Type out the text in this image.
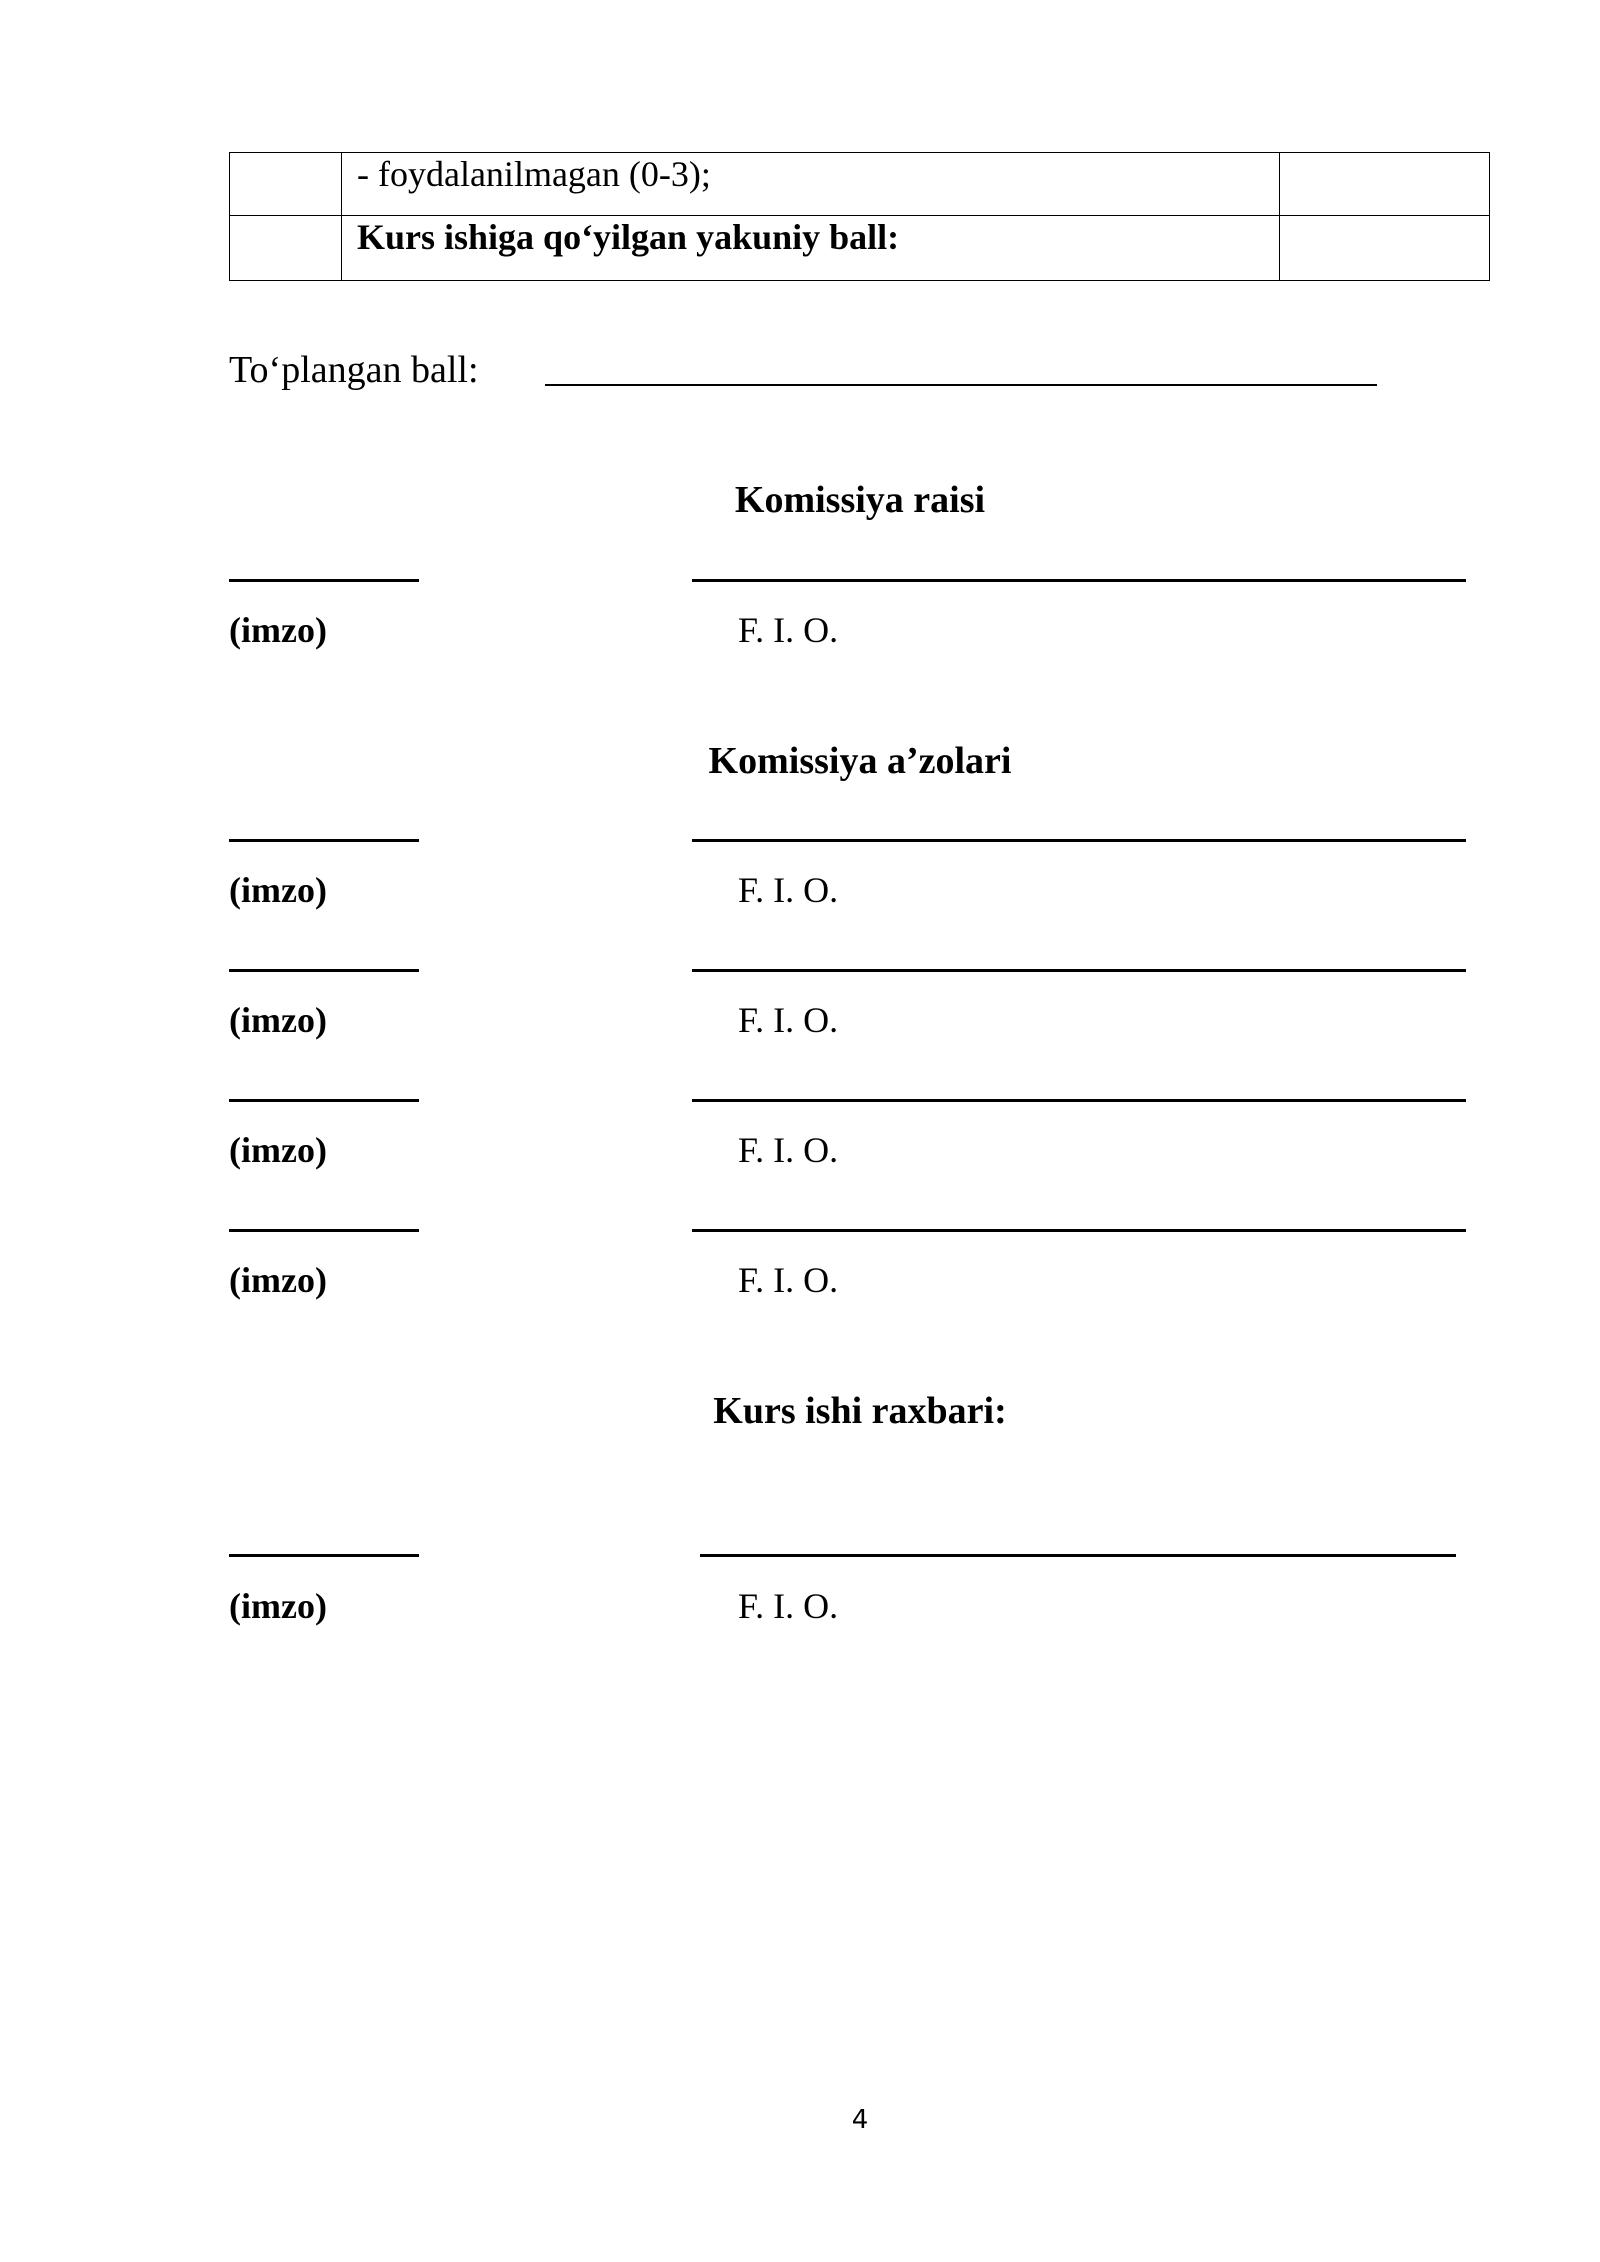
	- foydalanilmagan (0-3);	
	Kurs ishiga qo‘yilgan yakuniy ball:	
To‘plangan ball:
Komissiya raisi
(imzo)	F. I. O.
Komissiya a’zolari
(imzo)	F. I. O.
(imzo)	F. I. O.
(imzo)	F. I. O.
(imzo)	F. I. O.
Kurs ishi raxbari:
(imzo)	F. I. O.
4
